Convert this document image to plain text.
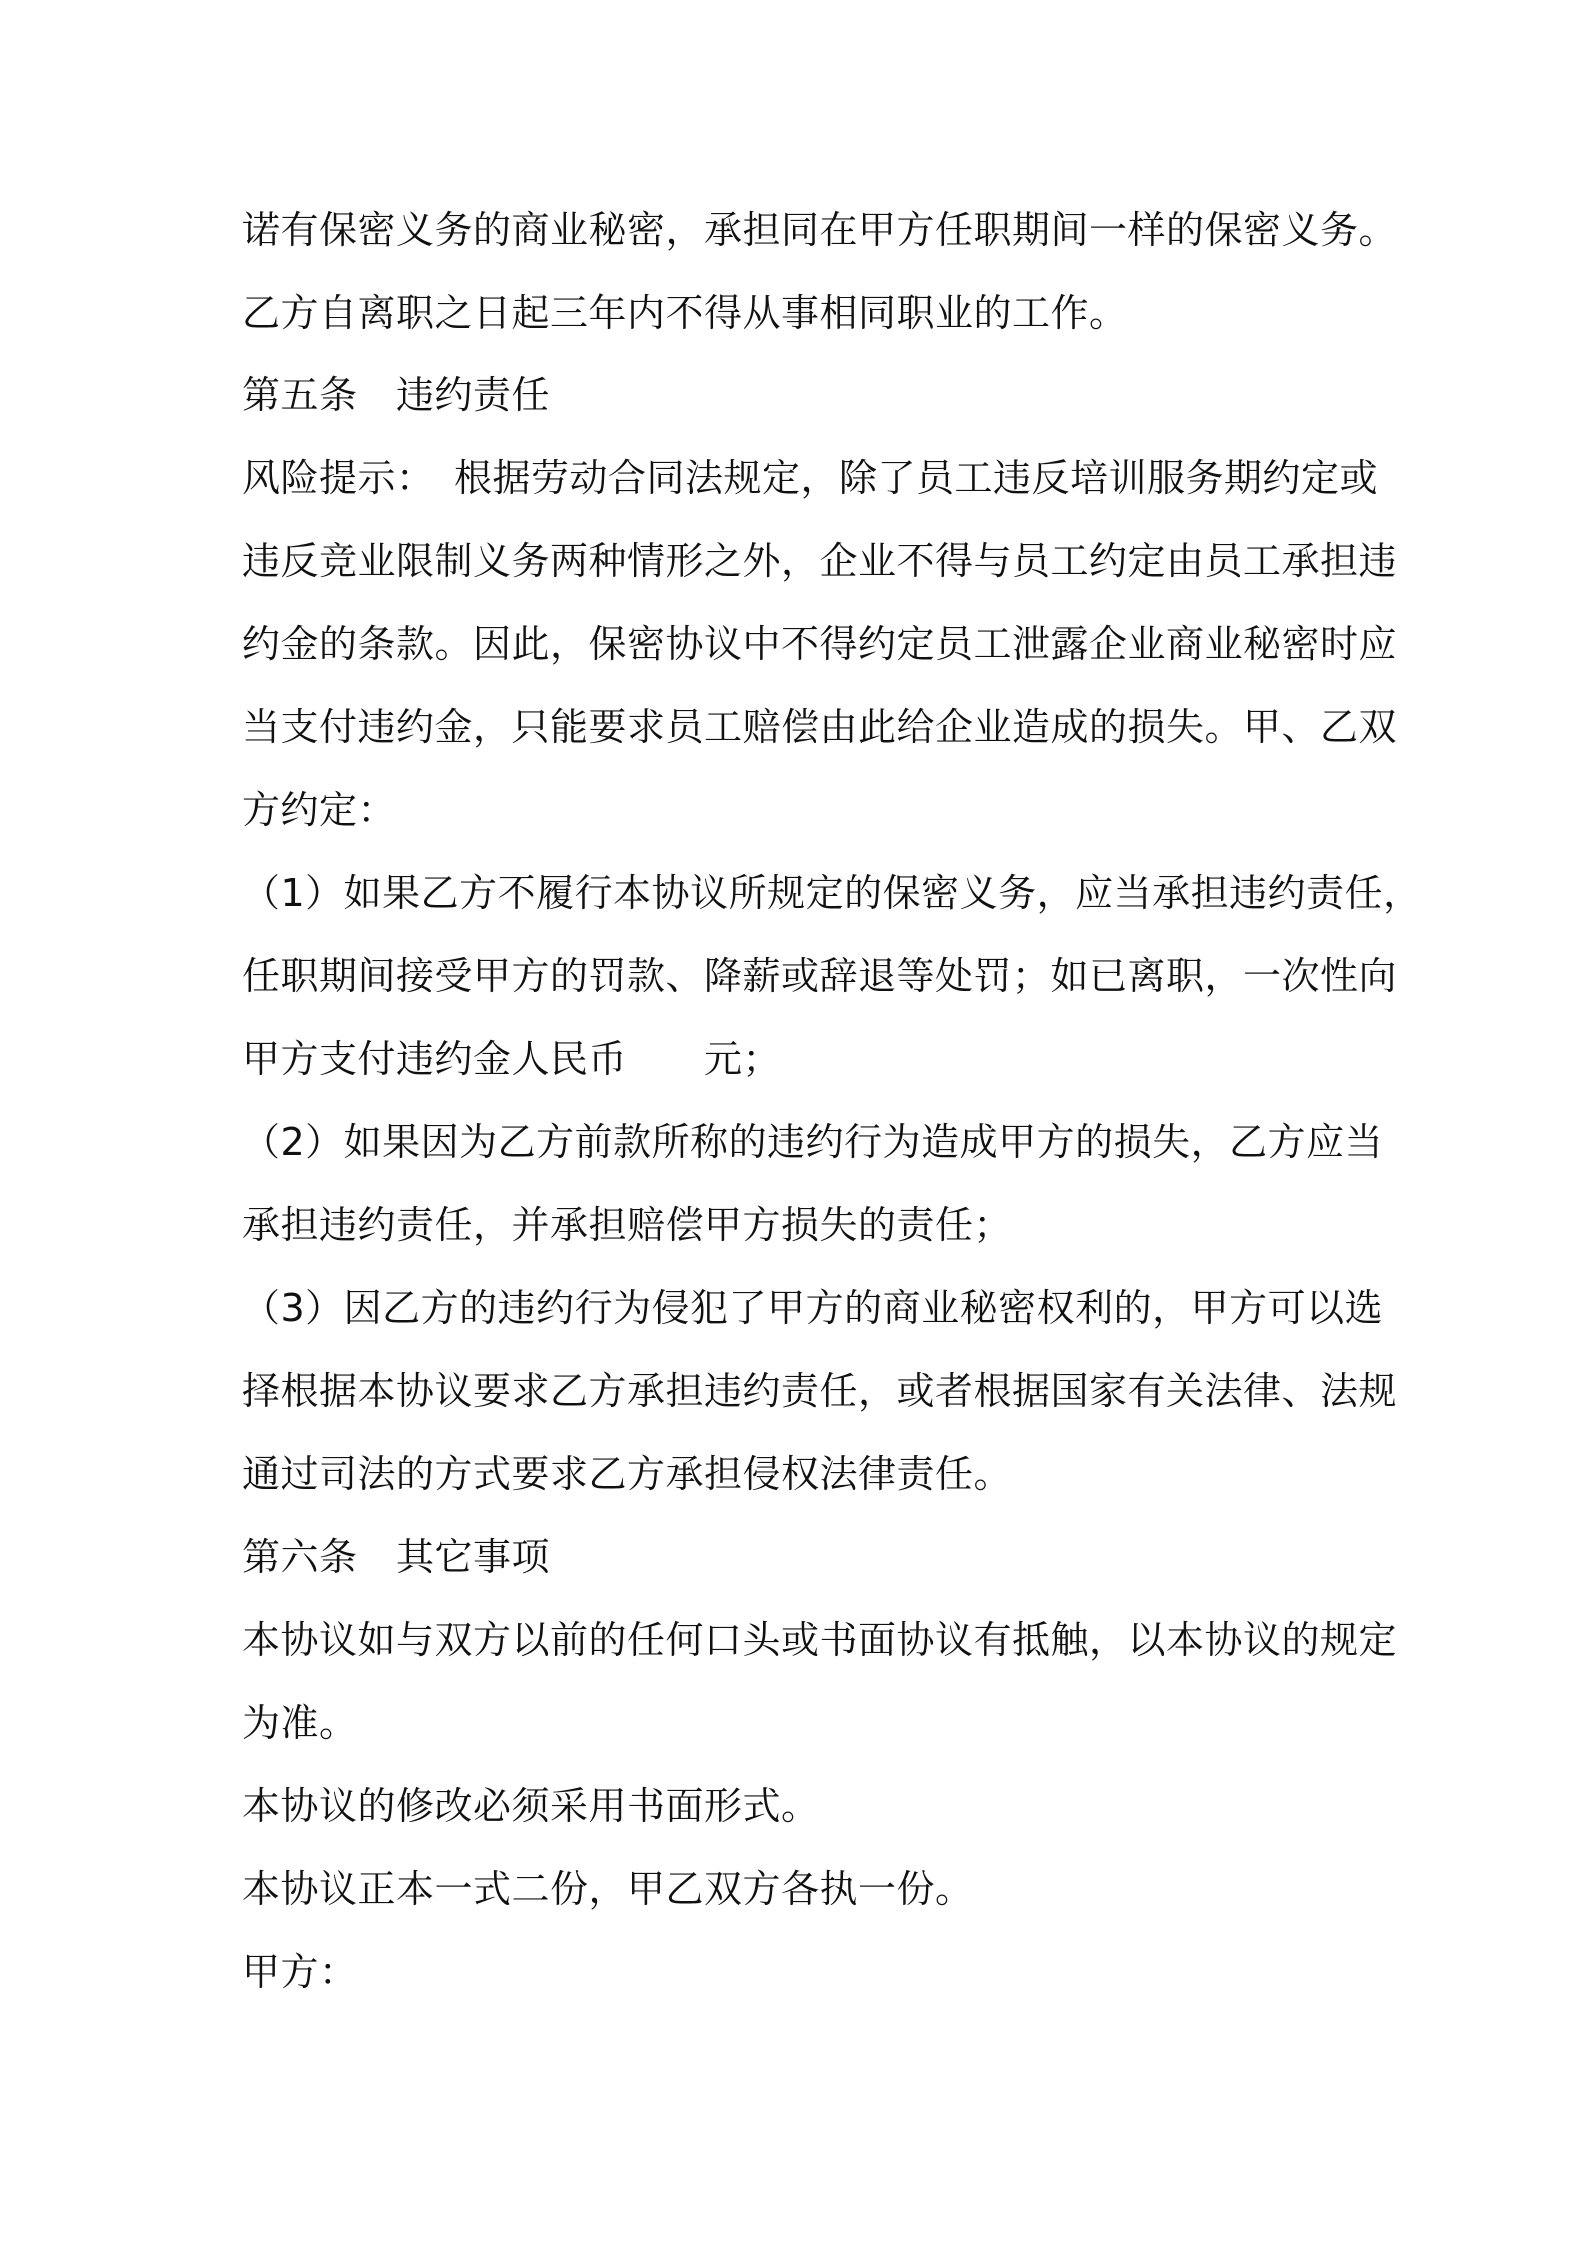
诺有保密义务的商业秘密，承担同在甲方任职期间一样的保密义务。
乙方自离职之日起三年内不得从事相同职业的工作。
第五条　违约责任
风险提示：　根据劳动合同法规定，除了员工违反培训服务期约定或
违反竞业限制义务两种情形之外，企业不得与员工约定由员工承担违
约金的条款。因此，保密协议中不得约定员工泄露企业商业秘密时应
当支付违约金，只能要求员工赔偿由此给企业造成的损失。甲、乙双
方约定：
（1）如果乙方不履行本协议所规定的保密义务，应当承担违约责任，
任职期间接受甲方的罚款、降薪或辞退等处罚；如已离职，一次性向
甲方支付违约金人民币　　元；
（2）如果因为乙方前款所称的违约行为造成甲方的损失，乙方应当
承担违约责任，并承担赔偿甲方损失的责任；
（3）因乙方的违约行为侵犯了甲方的商业秘密权利的，甲方可以选
择根据本协议要求乙方承担违约责任，或者根据国家有关法律、法规
通过司法的方式要求乙方承担侵权法律责任。
第六条　其它事项
本协议如与双方以前的任何口头或书面协议有抵触，以本协议的规定
为准。
本协议的修改必须采用书面形式。
本协议正本一式二份，甲乙双方各执一份。
甲方：
